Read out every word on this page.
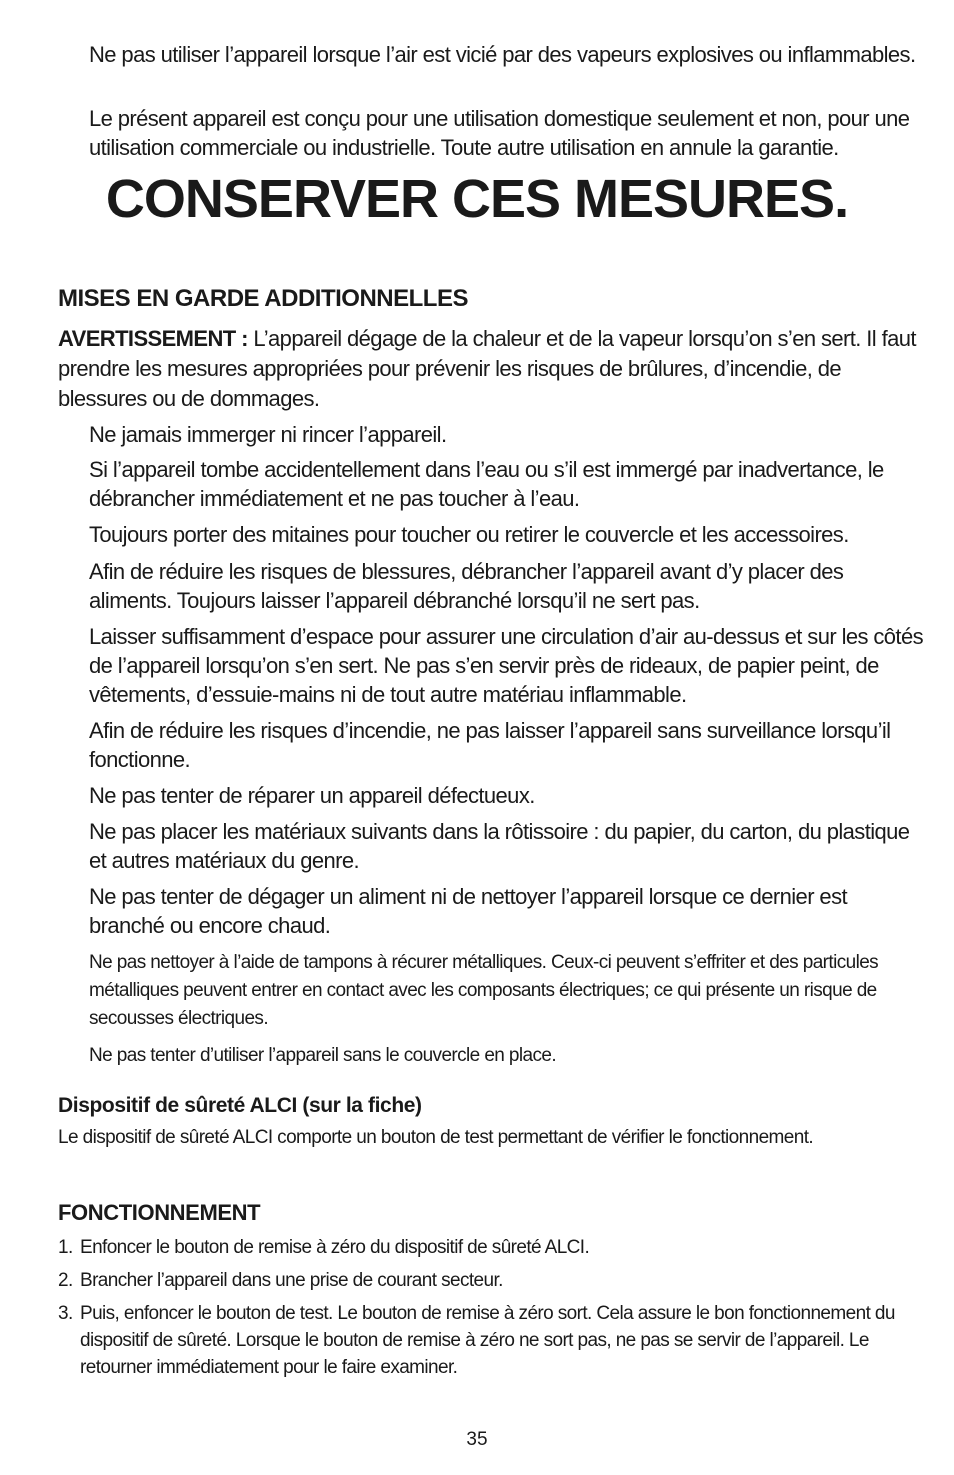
Ne pas utiliser l’appareil lorsque l’air est vicié par des vapeurs explosives ou inflammables.

Le présent appareil est conçu pour une utilisation domestique seulement et non, pour une utilisation commerciale ou industrielle. Toute autre utilisation en annule la garantie.

CONSERVER CES MESURES.
MISES EN GARDE ADDITIONNELLES

AVERTISSEMENT : L’appareil dégage de la chaleur et de la vapeur lorsqu’on s’en sert. Il faut prendre les mesures appropriées pour prévenir les risques de brûlures, d’incendie, de blessures ou de dommages.

Ne jamais immerger ni rincer l’appareil.

Si l’appareil tombe accidentellement dans l’eau ou s’il est immergé par inadvertance, le débrancher immédiatement et ne pas toucher à l’eau.

Toujours porter des mitaines pour toucher ou retirer le couvercle et les accessoires.

Afin de réduire les risques de blessures, débrancher l’appareil avant d’y placer des aliments. Toujours laisser l’appareil débranché lorsqu’il ne sert pas.

Laisser suffisamment d’espace pour assurer une circulation d’air au-dessus et sur les côtés de l’appareil lorsqu’on s’en sert. Ne pas s’en servir près de rideaux, de papier peint, de vêtements, d’essuie-mains ni de tout autre matériau inflammable.

Afin de réduire les risques d’incendie, ne pas laisser l’appareil sans surveillance lorsqu’il fonctionne.

Ne pas tenter de réparer un appareil défectueux.

Ne pas placer les matériaux suivants dans la rôtissoire : du papier, du carton, du plastique et autres matériaux du genre.

Ne pas tenter de dégager un aliment ni de nettoyer l’appareil lorsque ce dernier est branché ou encore chaud.

Ne pas nettoyer à l’aide de tampons à récurer métalliques. Ceux-ci peuvent s’effriter et des particules métalliques peuvent entrer en contact avec les composants électriques; ce qui présente un risque de secousses électriques.

Ne pas tenter d’utiliser l’appareil sans le couvercle en place.

Dispositif de sûreté ALCI (sur la fiche)

Le dispositif de sûreté ALCI comporte un bouton de test permettant de vérifier le fonctionnement.

FONCTIONNEMENT

1. Enfoncer le bouton de remise à zéro du dispositif de sûreté ALCI.

2. Brancher l’appareil dans une prise de courant secteur.

3. Puis, enfoncer le bouton de test. Le bouton de remise à zéro sort. Cela assure le bon fonctionnement du dispositif de sûreté. Lorsque le bouton de remise à zéro ne sort pas, ne pas se servir de l’appareil. Le retourner immédiatement pour le faire examiner.

35
